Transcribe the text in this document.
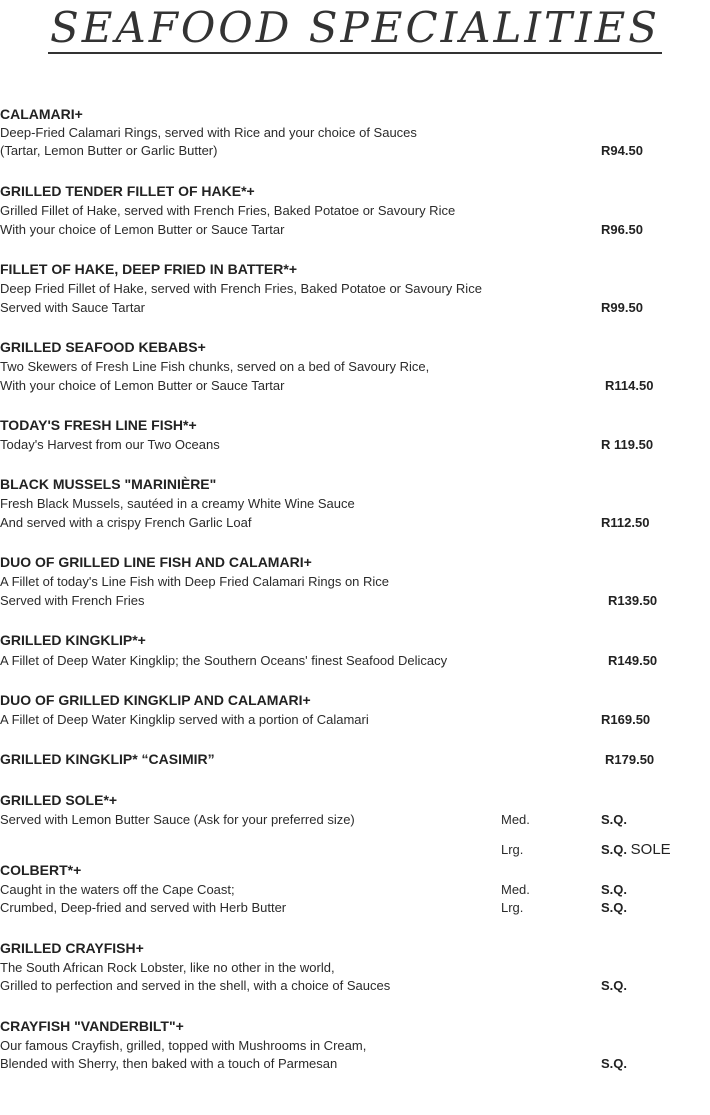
SEAFOOD SPECIALITIES
CALAMARI+
Deep-Fried Calamari Rings, served with Rice and your choice of Sauces
(Tartar, Lemon Butter or Garlic Butter)	R94.50
GRILLED TENDER FILLET OF HAKE*+
Grilled Fillet of Hake, served with French Fries, Baked Potatoe or Savoury Rice
With your choice of Lemon Butter or Sauce Tartar	R96.50
FILLET OF HAKE, DEEP FRIED IN BATTER*+
Deep Fried Fillet of Hake, served with French Fries, Baked Potatoe or Savoury Rice
Served with Sauce Tartar	R99.50
GRILLED SEAFOOD KEBABS+
Two Skewers of Fresh Line Fish chunks, served on a bed of Savoury Rice,
With your choice of Lemon Butter or Sauce Tartar	R114.50
TODAY'S FRESH LINE FISH*+
Today's Harvest from our Two Oceans	R 119.50
BLACK MUSSELS "MARINIÈRE"
Fresh Black Mussels, sautéed in a creamy White Wine Sauce
And served with a crispy French Garlic Loaf	R112.50
DUO OF GRILLED LINE FISH AND CALAMARI+
A Fillet of today's Line Fish with Deep Fried Calamari Rings on Rice
Served with French Fries	R139.50
GRILLED KINGKLIP*+
A Fillet of Deep Water Kingklip; the Southern Oceans' finest Seafood Delicacy	R149.50
DUO OF GRILLED KINGKLIP AND CALAMARI+
A Fillet of Deep Water Kingklip served with a portion of Calamari	R169.50
GRILLED KINGKLIP* “CASIMIR”	R179.50
GRILLED SOLE*+
Served with Lemon Butter Sauce (Ask for your preferred size)	Med.	S.Q.
Lrg.	S.Q. SOLE
COLBERT*+
Caught in the waters off the Cape Coast;	Med.	S.Q.
Crumbed, Deep-fried and served with Herb Butter	Lrg.	S.Q.
GRILLED CRAYFISH+
The South African Rock Lobster, like no other in the world,
Grilled to perfection and served in the shell, with a choice of Sauces	S.Q.
CRAYFISH "VANDERBILT"+
Our famous Crayfish, grilled, topped with Mushrooms in Cream,
Blended with Sherry, then baked with a touch of Parmesan	S.Q.
